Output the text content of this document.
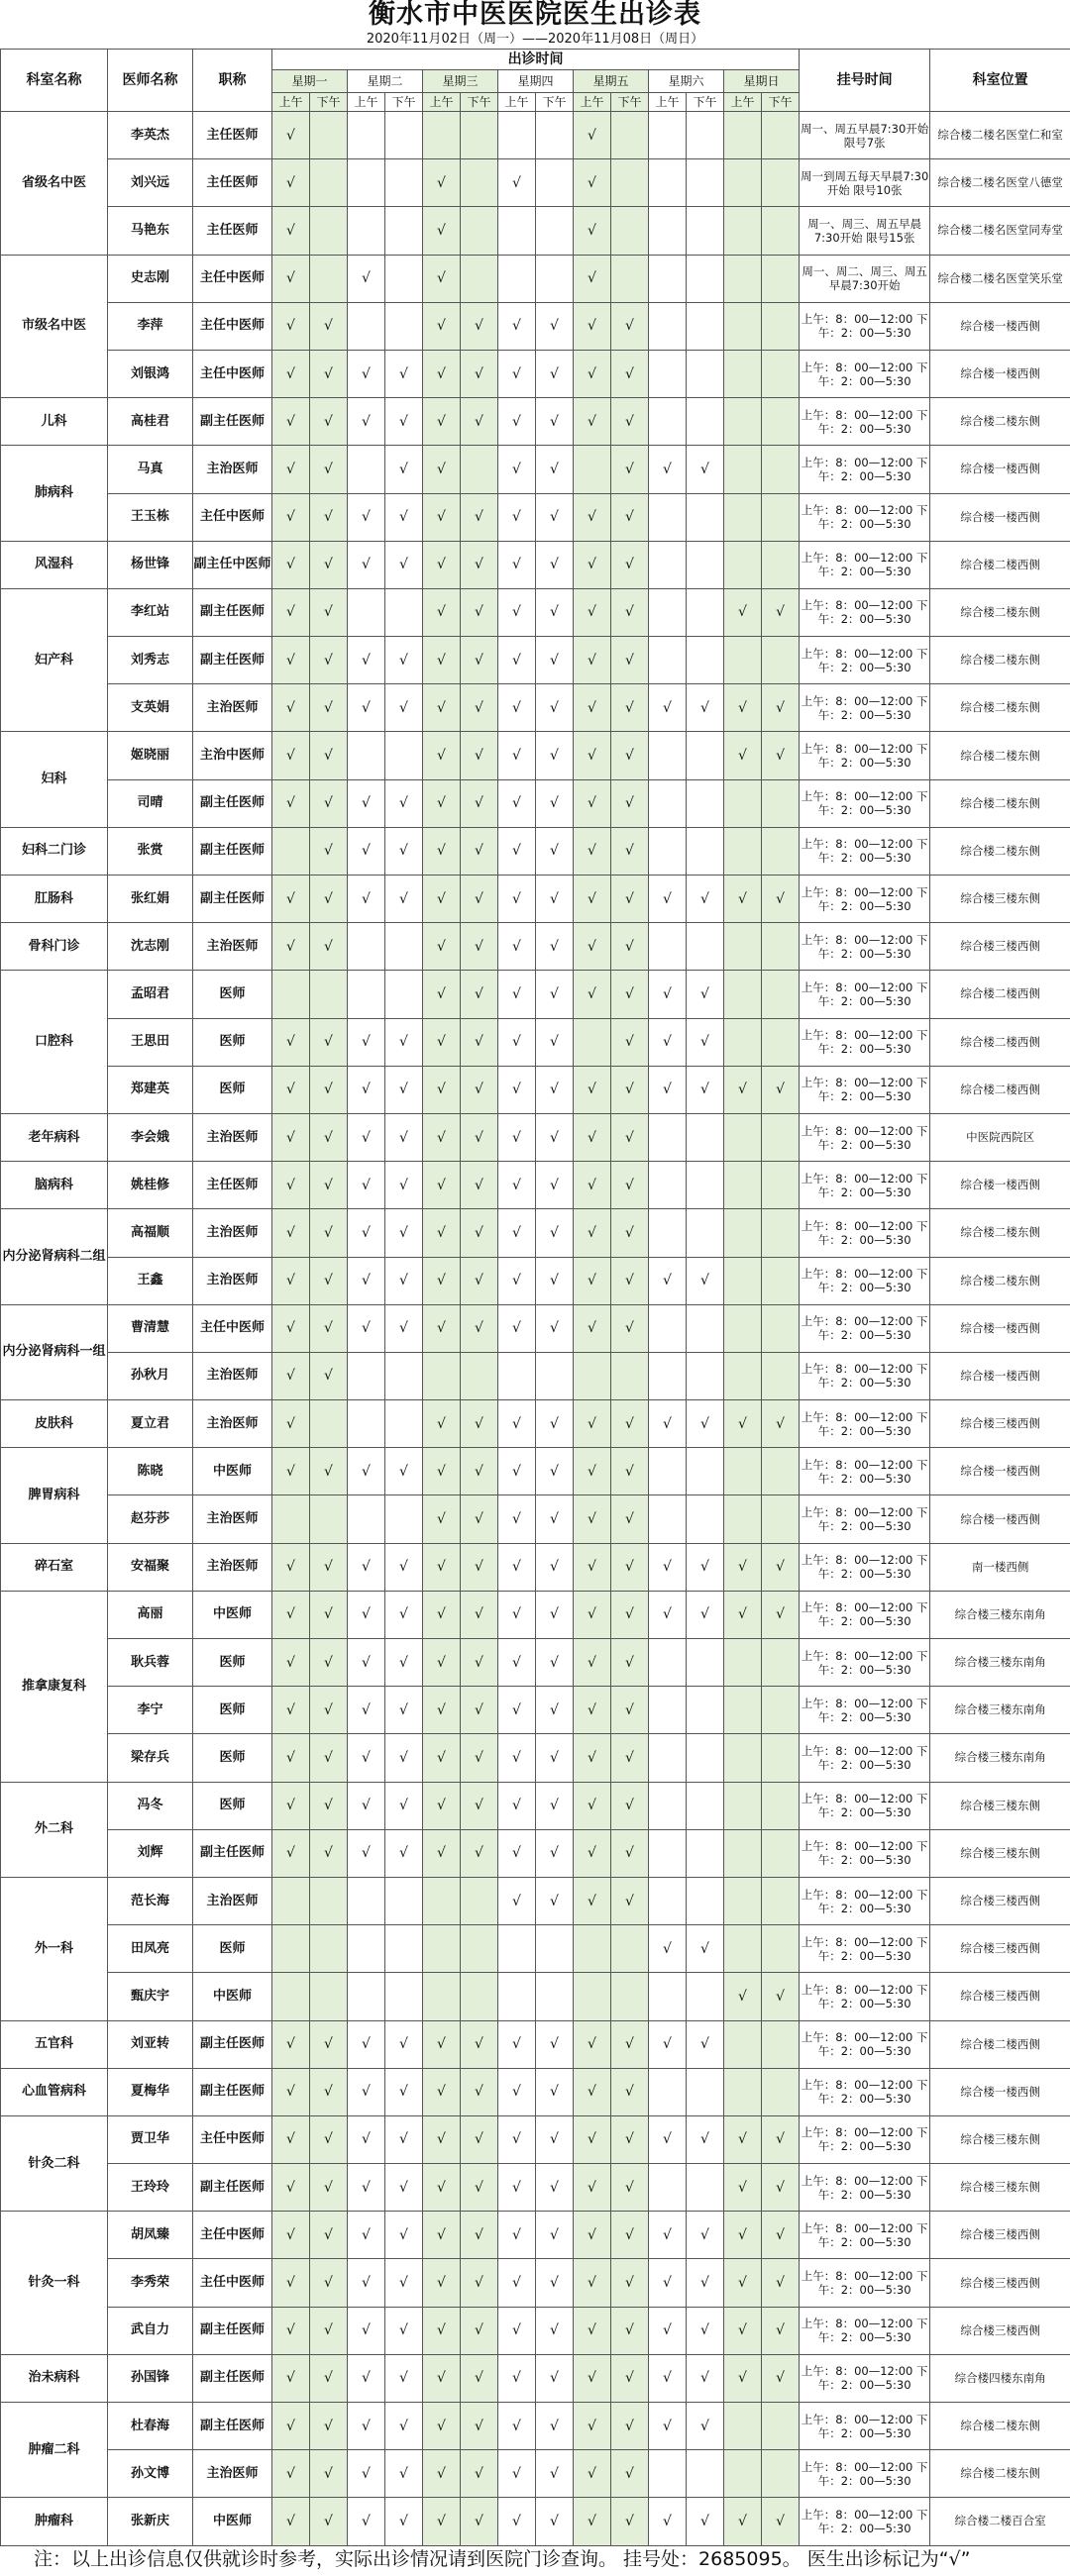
衡水市中医医院医生出诊表
2020年11月02日（周一）——2020年11月08日（周日）
科室名称	医师名称	职称	出诊时间														挂号时间	科室位置
			星期一		星期二		星期三		星期四		星期五		星期六		星期日			
			上午	下午	上午	下午	上午	下午	上午	下午	上午	下午	上午	下午	上午	下午		
省级名中医	李英杰	主任医师	√								√						周一、周五早晨7:30开始 限号7张	综合楼二楼名医堂仁和室
	刘兴远	主任医师	√				√		√		√						周一到周五每天早晨7:30开始 限号10张	综合楼二楼名医堂八德堂
	马艳东	主任医师	√				√				√						周一、周三、周五早晨7:30开始 限号15张	综合楼二楼名医堂同寿堂
市级名中医	史志刚	主任中医师	√		√		√				√						周一、周二、周三、周五早晨7:30开始	综合楼二楼名医堂笑乐堂
	李萍	主任中医师	√	√			√	√	√	√	√	√					上午：8：00—12:00 下午：2：00—5:30	综合楼一楼西侧
	刘银鸿	主任中医师	√	√	√	√	√	√	√	√	√	√					上午：8：00—12:00 下午：2：00—5:30	综合楼一楼西侧
儿科	高桂君	副主任医师	√	√	√	√	√	√	√	√	√	√					上午：8：00—12:00 下午：2：00—5:30	综合楼二楼东侧
肺病科	马真	主治医师	√	√		√	√		√	√		√	√	√			上午：8：00—12:00 下午：2：00—5:30	综合楼一楼西侧
	王玉栋	主任中医师	√	√	√	√	√	√	√	√	√	√					上午：8：00—12:00 下午：2：00—5:30	综合楼一楼西侧
风湿科	杨世锋	副主任中医师	√	√	√	√	√	√	√	√	√	√					上午：8：00—12:00 下午：2：00—5:30	综合楼二楼西侧
妇产科	李红站	副主任医师	√	√			√	√	√	√	√	√			√	√	上午：8：00—12:00 下午：2：00—5:30	综合楼二楼东侧
	刘秀志	副主任医师	√	√	√	√	√	√	√	√	√	√					上午：8：00—12:00 下午：2：00—5:30	综合楼二楼东侧
	支英娟	主治医师	√	√	√	√	√	√	√	√	√	√	√	√	√	√	上午：8：00—12:00 下午：2：00—5:30	综合楼二楼东侧
妇科	姬晓丽	主治中医师	√	√			√	√	√	√	√	√			√	√	上午：8：00—12:00 下午：2：00—5:30	综合楼二楼东侧
	司晴	副主任医师	√	√	√	√	√	√	√	√	√	√					上午：8：00—12:00 下午：2：00—5:30	综合楼二楼东侧
妇科二门诊	张赏	副主任医师		√	√	√	√	√	√	√	√	√					上午：8：00—12:00 下午：2：00—5:30	综合楼二楼东侧
肛肠科	张红娟	副主任医师	√	√	√	√	√	√	√	√	√	√	√	√	√	√	上午：8：00—12:00 下午：2：00—5:30	综合楼三楼东侧
骨科门诊	沈志刚	主治医师	√	√			√	√	√	√	√	√					上午：8：00—12:00 下午：2：00—5:30	综合楼三楼西侧
口腔科	孟昭君	医师					√	√	√	√	√	√	√	√			上午：8：00—12:00 下午：2：00—5:30	综合楼二楼西侧
	王思田	医师	√	√	√	√	√	√	√	√		√	√	√			上午：8：00—12:00 下午：2：00—5:30	综合楼二楼西侧
	郑建英	医师	√	√	√	√	√	√	√	√	√	√	√	√	√	√	上午：8：00—12:00 下午：2：00—5:30	综合楼二楼西侧
老年病科	李会娥	主治医师	√	√	√	√	√	√	√	√	√	√					上午：8：00—12:00 下午：2：00—5:30	中医院西院区
脑病科	姚桂修	主任医师	√	√	√	√	√	√	√	√	√	√					上午：8：00—12:00 下午：2：00—5:30	综合楼一楼西侧
内分泌肾病科二组	高福顺	主治医师	√	√	√	√	√	√	√	√	√	√					上午：8：00—12:00 下午：2：00—5:30	综合楼二楼东侧
	王鑫	主治医师	√	√	√	√	√	√	√	√	√	√	√	√			上午：8：00—12:00 下午：2：00—5:30	综合楼二楼东侧
内分泌肾病科一组	曹清慧	主任中医师	√	√	√	√	√	√	√	√	√	√					上午：8：00—12:00 下午：2：00—5:30	综合楼一楼西侧
	孙秋月	主治医师	√	√													上午：8：00—12:00 下午：2：00—5:30	综合楼一楼西侧
皮肤科	夏立君	主治医师	√				√	√	√	√	√	√	√	√	√	√	上午：8：00—12:00 下午：2：00—5:30	综合楼三楼西侧
脾胃病科	陈晓	中医师	√	√	√	√	√	√	√	√	√	√					上午：8：00—12:00 下午：2：00—5:30	综合楼一楼西侧
	赵芬莎	主治医师					√	√	√	√	√	√					上午：8：00—12:00 下午：2：00—5:30	综合楼一楼西侧
碎石室	安福聚	主治医师	√	√	√	√	√	√	√	√	√	√	√	√	√	√	上午：8：00—12:00 下午：2：00—5:30	南一楼西侧
推拿康复科	高丽	中医师	√	√	√	√	√	√	√	√	√	√	√	√	√	√	上午：8：00—12:00 下午：2：00—5:30	综合楼三楼东南角
	耿兵蓉	医师	√	√	√	√	√	√	√	√	√	√					上午：8：00—12:00 下午：2：00—5:30	综合楼三楼东南角
	李宁	医师	√	√	√	√	√	√	√	√	√	√					上午：8：00—12:00 下午：2：00—5:30	综合楼三楼东南角
	梁存兵	医师	√	√	√	√	√	√	√	√	√	√					上午：8：00—12:00 下午：2：00—5:30	综合楼三楼东南角
外二科	冯冬	医师	√	√	√	√	√	√	√	√	√	√					上午：8：00—12:00 下午：2：00—5:30	综合楼三楼东侧
	刘辉	副主任医师	√	√	√	√	√	√	√	√	√	√					上午：8：00—12:00 下午：2：00—5:30	综合楼三楼东侧
外一科	范长海	主治医师							√	√	√	√					上午：8：00—12:00 下午：2：00—5:30	综合楼三楼西侧
	田凤亮	医师											√	√			上午：8：00—12:00 下午：2：00—5:30	综合楼三楼西侧
	甄庆宇	中医师													√	√	上午：8：00—12:00 下午：2：00—5:30	综合楼三楼西侧
五官科	刘亚转	副主任医师	√	√	√	√	√	√	√	√	√	√	√	√			上午：8：00—12:00 下午：2：00—5:30	综合楼二楼西侧
心血管病科	夏梅华	副主任医师	√	√	√	√	√	√	√	√	√	√					上午：8：00—12:00 下午：2：00—5:30	综合楼一楼西侧
针灸二科	贾卫华	主任中医师	√	√	√	√	√	√	√	√	√	√	√	√	√	√	上午：8：00—12:00 下午：2：00—5:30	综合楼三楼东侧
	王玲玲	副主任医师	√	√	√	√	√	√	√	√	√	√			√	√	上午：8：00—12:00 下午：2：00—5:30	综合楼三楼东侧
针灸一科	胡凤臻	主任中医师	√	√	√	√	√	√	√	√	√	√	√	√	√	√	上午：8：00—12:00 下午：2：00—5:30	综合楼三楼西侧
	李秀荣	主任中医师	√	√	√	√	√	√	√	√	√	√	√	√	√	√	上午：8：00—12:00 下午：2：00—5:30	综合楼三楼西侧
	武自力	副主任医师	√	√	√	√	√	√	√	√	√	√	√	√	√	√	上午：8：00—12:00 下午：2：00—5:30	综合楼三楼西侧
治未病科	孙国锋	副主任医师	√	√	√	√	√	√	√	√	√	√	√	√	√	√	上午：8：00—12:00 下午：2：00—5:30	综合楼四楼东南角
肿瘤二科	杜春海	副主任医师	√	√	√	√	√	√	√	√	√	√	√	√			上午：8：00—12:00 下午：2：00—5:30	综合楼二楼东侧
	孙文博	主治医师	√	√	√	√	√	√	√	√	√	√					上午：8：00—12:00 下午：2：00—5:30	综合楼二楼东侧
肿瘤科	张新庆	中医师	√	√	√	√	√	√	√	√	√	√	√	√	√	√	上午：8：00—12:00 下午：2：00—5:30	综合楼二楼百合室
注：以上出诊信息仅供就诊时参考，实际出诊情况请到医院门诊查询。 挂号处：2685095。 医生出诊标记为“√”
